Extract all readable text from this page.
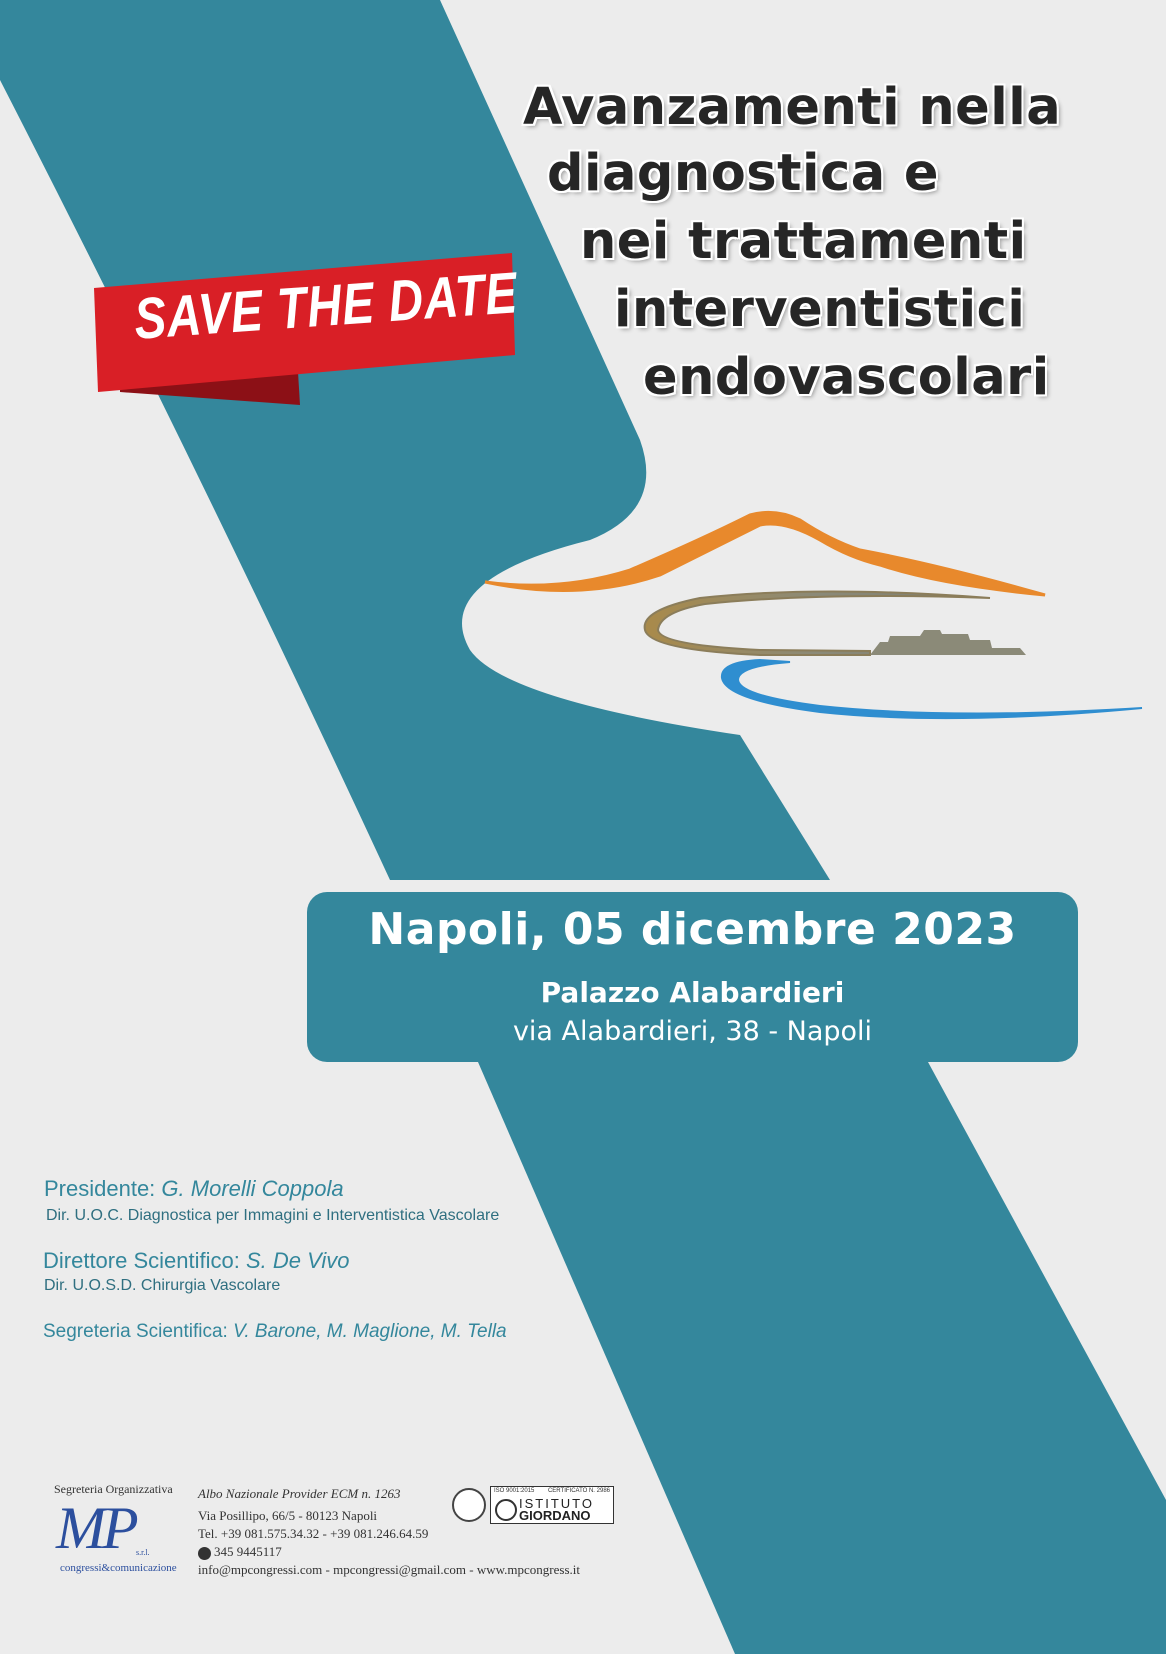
Avanzamenti nella
diagnostica e
nei trattamenti
interventistici
endovascolari
SAVE THE DATE
Napoli, 05 dicembre 2023
Palazzo Alabardieri
via Alabardieri, 38 - Napoli
Presidente: G. Morelli Coppola
Dir. U.O.C. Diagnostica per Immagini e Interventistica Vascolare
Direttore Scientifico: S. De Vivo
Dir. U.O.S.D. Chirurgia Vascolare
Segreteria Scientifica: V. Barone, M. Maglione, M. Tella
Segreteria Organizzativa
MP s.r.l.
congressi&comunicazione
Albo Nazionale Provider ECM n. 1263
Via Posillipo, 66/5 - 80123 Napoli
Tel. +39 081.575.34.32 - +39 081.246.64.59
345 9445117
info@mpcongressi.com - mpcongressi@gmail.com - www.mpcongress.it
ISO 9001:2015 CERTIFICATO N. 2986
ISTITUTO
GIORDANO
